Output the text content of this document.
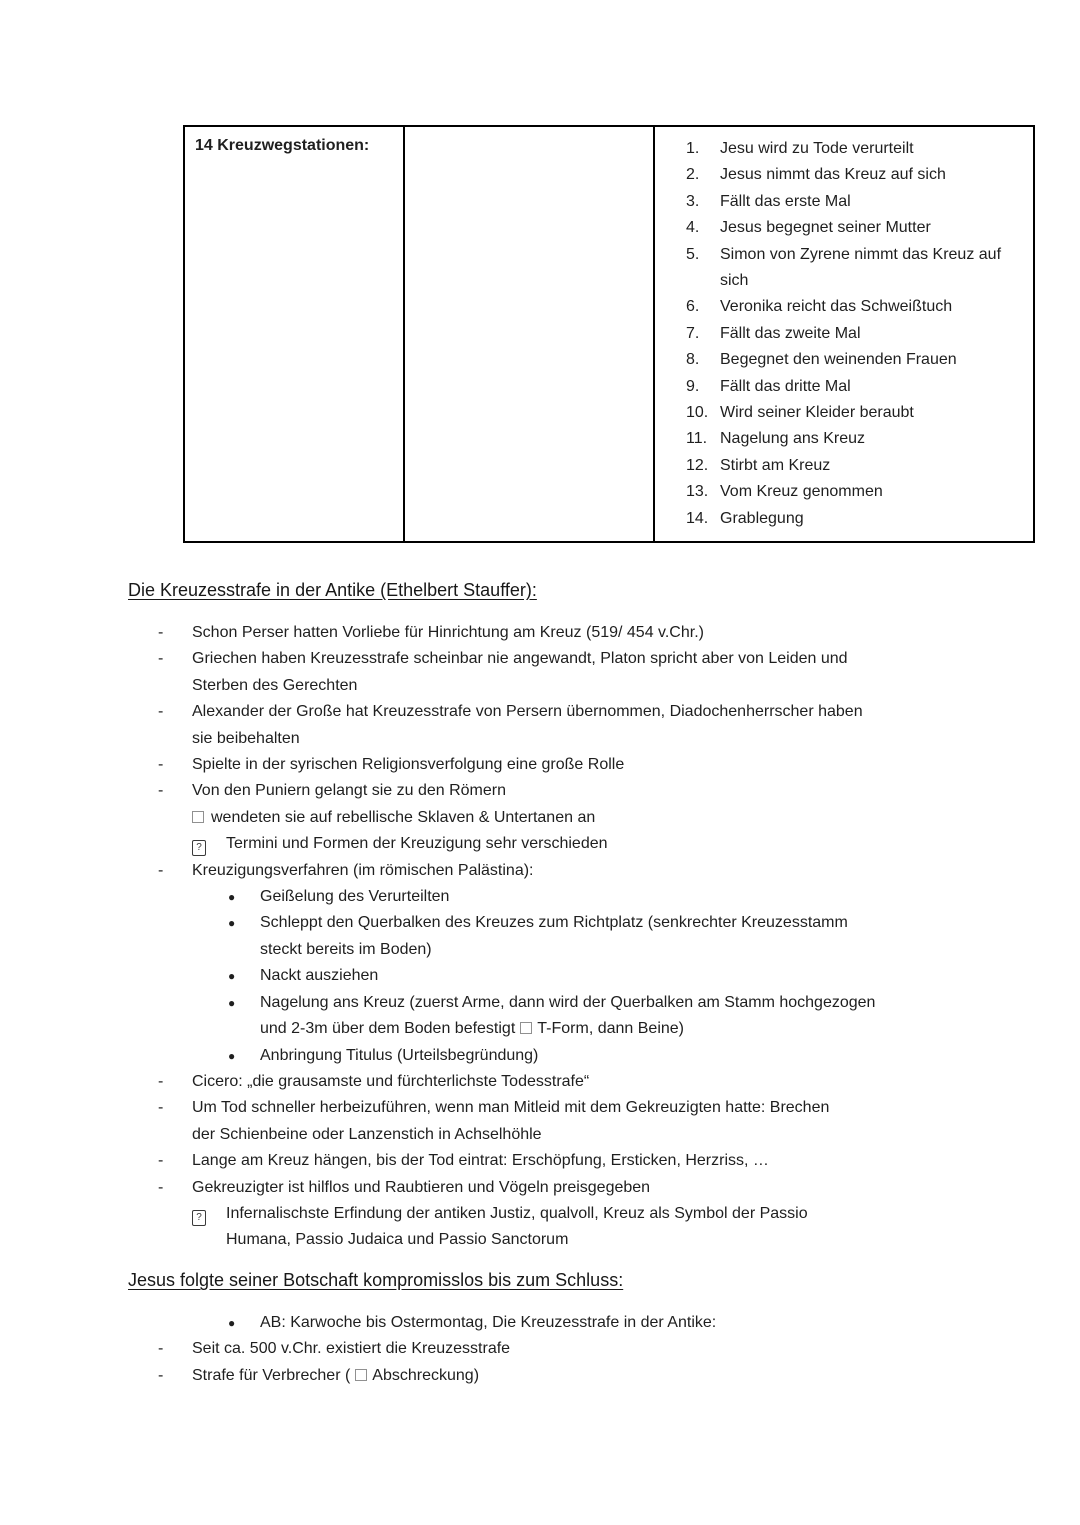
14 Kreuzwegstationen:		1.	Jesu wird zu Tode verurteilt
2.	Jesus nimmt das Kreuz auf sich
3.	Fällt das erste Mal
4.	Jesus begegnet seiner Mutter
5.	Simon von Zyrene nimmt das Kreuz auf sich
6.	Veronika reicht das Schweißtuch
7.	Fällt das zweite Mal
8.	Begegnet den weinenden Frauen
9.	Fällt das dritte Mal
10. Wird seiner Kleider beraubt
11. Nagelung ans Kreuz
12. Stirbt am Kreuz
13. Vom Kreuz genommen
14. Grablegung
Die Kreuzesstrafe in der Antike (Ethelbert Stauffer):
-	Schon Perser hatten Vorliebe für Hinrichtung am Kreuz (519/ 454 v.Chr.)
-	Griechen haben Kreuzesstrafe scheinbar nie angewandt, Platon spricht aber von Leiden und
Sterben des Gerechten
-	Alexander der Große hat Kreuzesstrafe von Persern übernommen, Diadochenherrscher haben
sie beibehalten
-	Spielte in der syrischen Religionsverfolgung eine große Rolle
-	Von den Puniern gelangt sie zu den Römern
wendeten sie auf rebellische Sklaven & Untertanen an
?	Termini und Formen der Kreuzigung sehr verschieden
-	Kreuzigungsverfahren (im römischen Palästina):
●	Geißelung des Verurteilten
●	Schleppt den Querbalken des Kreuzes zum Richtplatz (senkrechter Kreuzesstamm
steckt bereits im Boden)
●	Nackt ausziehen
●	Nagelung ans Kreuz (zuerst Arme, dann wird der Querbalken am Stamm hochgezogen
und 2-3m über dem Boden befestigt T-Form, dann Beine)
●	Anbringung Titulus (Urteilsbegründung)
-	Cicero: „die grausamste und fürchterlichste Todesstrafe“
-	Um Tod schneller herbeizuführen, wenn man Mitleid mit dem Gekreuzigten hatte: Brechen
der Schienbeine oder Lanzenstich in Achselhöhle
-	Lange am Kreuz hängen, bis der Tod eintrat: Erschöpfung, Ersticken, Herzriss, …
-	Gekreuzigter ist hilflos und Raubtieren und Vögeln preisgegeben
?	Infernalischste Erfindung der antiken Justiz, qualvoll, Kreuz als Symbol der Passio
Humana, Passio Judaica und Passio Sanctorum
Jesus folgte seiner Botschaft kompromisslos bis zum Schluss:
●	AB: Karwoche bis Ostermontag, Die Kreuzesstrafe in der Antike:
-	Seit ca. 500 v.Chr. existiert die Kreuzesstrafe
-	Strafe für Verbrecher ( Abschreckung)
